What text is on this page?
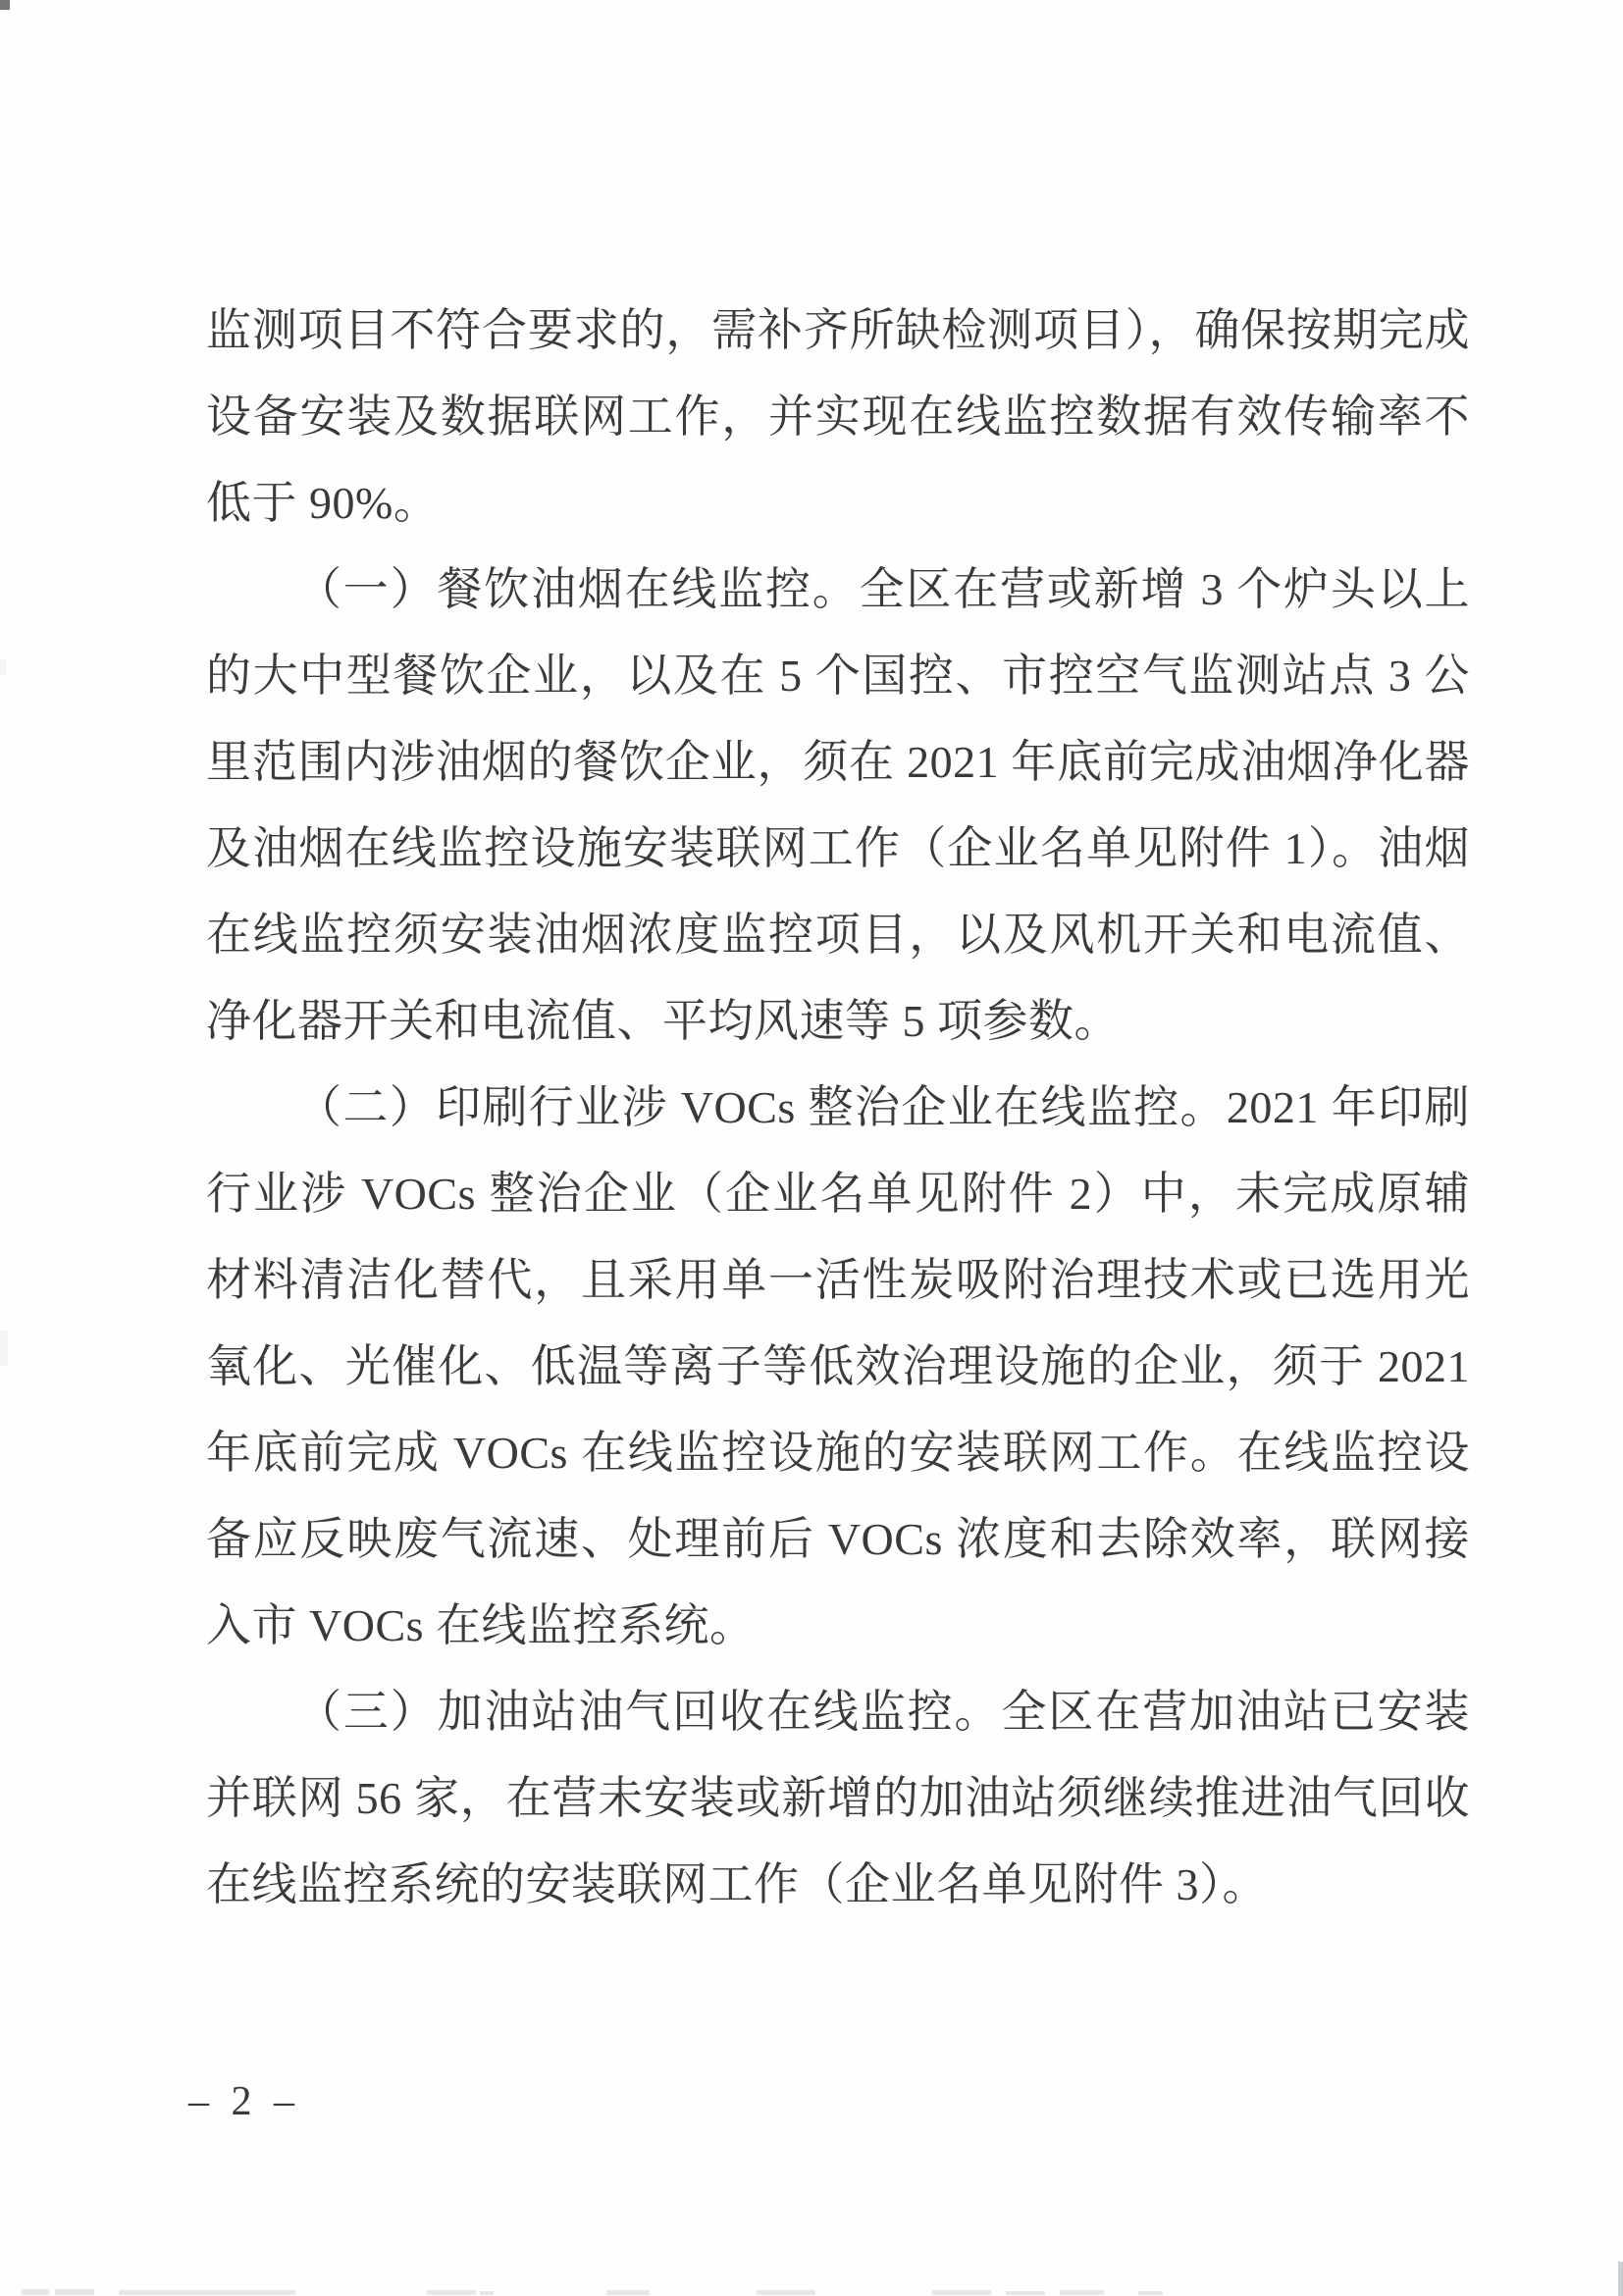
监测项目不符合要求的，需补齐所缺检测项目），确保按期完成设备安装及数据联网工作，并实现在线监控数据有效传输率不低于 90%。

（一）餐饮油烟在线监控。全区在营或新增 3 个炉头以上的大中型餐饮企业，以及在 5 个国控、市控空气监测站点 3 公里范围内涉油烟的餐饮企业，须在 2021 年底前完成油烟净化器及油烟在线监控设施安装联网工作（企业名单见附件 1）。油烟在线监控须安装油烟浓度监控项目，以及风机开关和电流值、净化器开关和电流值、平均风速等 5 项参数。

（二）印刷行业涉 VOCs 整治企业在线监控。2021 年印刷行业涉 VOCs 整治企业（企业名单见附件 2）中，未完成原辅材料清洁化替代，且采用单一活性炭吸附治理技术或已选用光氧化、光催化、低温等离子等低效治理设施的企业，须于 2021 年底前完成 VOCs 在线监控设施的安装联网工作。在线监控设备应反映废气流速、处理前后 VOCs 浓度和去除效率，联网接入市 VOCs 在线监控系统。

（三）加油站油气回收在线监控。全区在营加油站已安装并联网 56 家，在营未安装或新增的加油站须继续推进油气回收在线监控系统的安装联网工作（企业名单见附件 3）。

– 2 –
